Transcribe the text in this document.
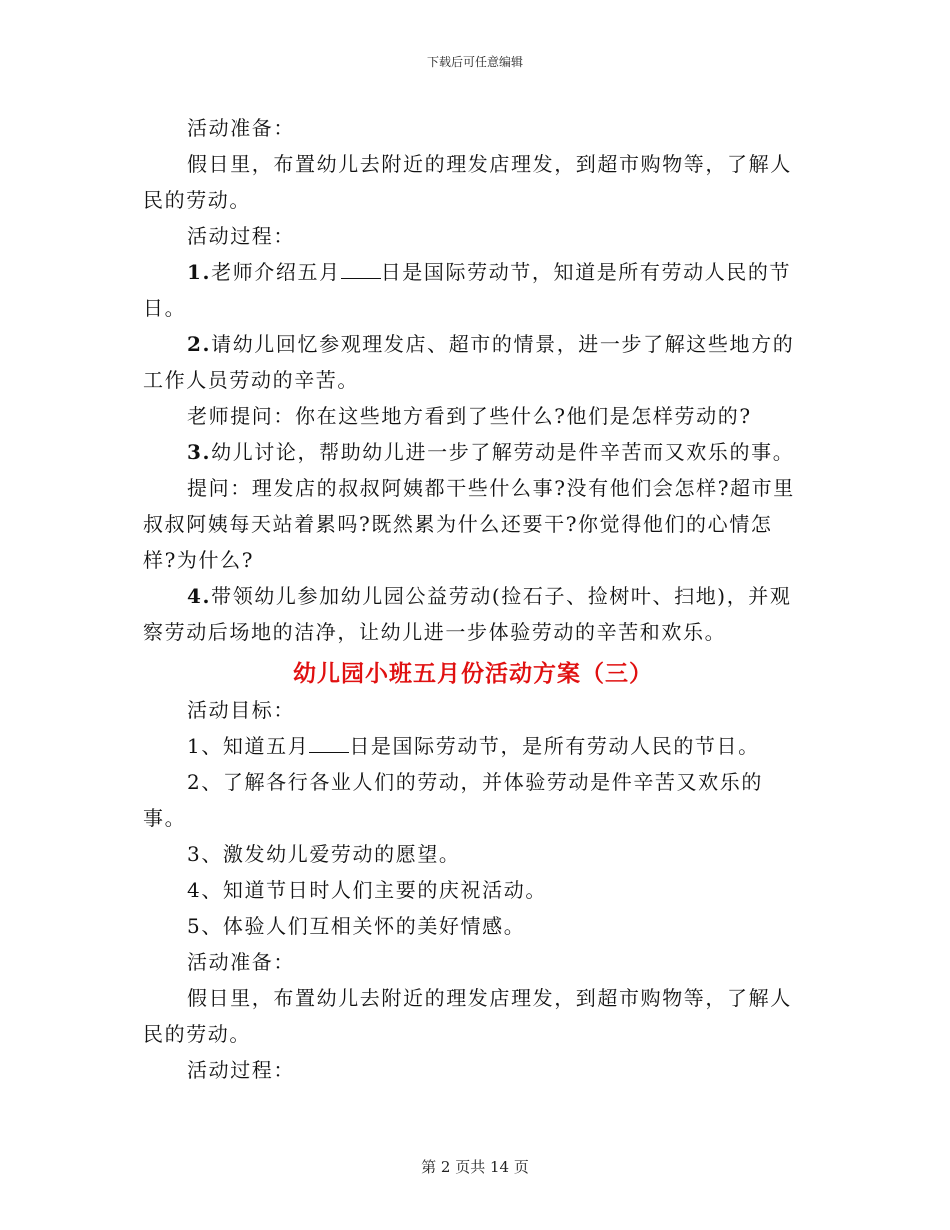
下载后可任意编辑

活动准备：

假日里，布置幼儿去附近的理发店理发，到超市购物等，了解人民的劳动。

活动过程：

1.老师介绍五月 日是国际劳动节，知道是所有劳动人民的节日。

2.请幼儿回忆参观理发店、超市的情景，进一步了解这些地方的工作人员劳动的辛苦。

老师提问：你在这些地方看到了些什么?他们是怎样劳动的?

3.幼儿讨论，帮助幼儿进一步了解劳动是件辛苦而又欢乐的事。

提问：理发店的叔叔阿姨都干些什么事?没有他们会怎样?超市里叔叔阿姨每天站着累吗?既然累为什么还要干?你觉得他们的心情怎样?为什么?

4.带领幼儿参加幼儿园公益劳动(捡石子、捡树叶、扫地)，并观察劳动后场地的洁净，让幼儿进一步体验劳动的辛苦和欢乐。

幼儿园小班五月份活动方案（三）

活动目标：

1、知道五月 日是国际劳动节，是所有劳动人民的节日。

2、了解各行各业人们的劳动，并体验劳动是件辛苦又欢乐的事。

3、激发幼儿爱劳动的愿望。

4、知道节日时人们主要的庆祝活动。

5、体验人们互相关怀的美好情感。

活动准备：

假日里，布置幼儿去附近的理发店理发，到超市购物等，了解人民的劳动。

活动过程：

第 2 页共 14 页
